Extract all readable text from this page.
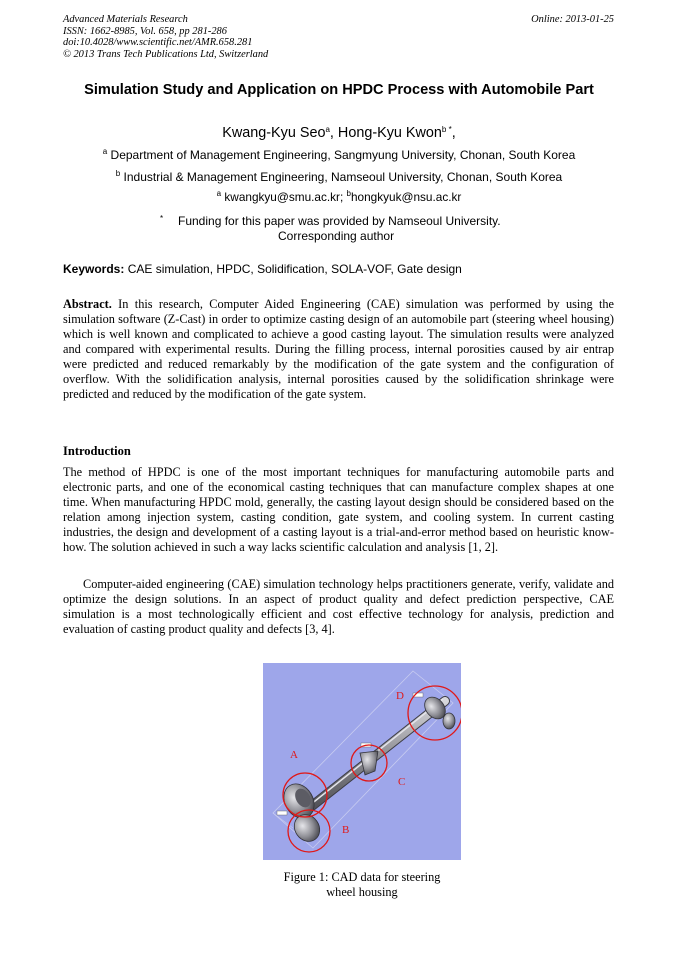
Advanced Materials Research
ISSN: 1662-8985, Vol. 658, pp 281-286
doi:10.4028/www.scientific.net/AMR.658.281
© 2013 Trans Tech Publications Ltd, Switzerland
Online: 2013-01-25
Simulation Study and Application on HPDC Process with Automobile Part
Kwang-Kyu Seo$^a$, Hong-Kyu Kwon$^{b *}$,
$^a$ Department of Management Engineering, Sangmyung University, Chonan, South Korea
$^b$ Industrial & Management Engineering, Namseoul University, Chonan, South Korea
$^a$ kwangkyu@smu.ac.kr; $^b$hongkyuk@nsu.ac.kr
*	Funding for this paper was provided by Namseoul University.
Corresponding author
Keywords: CAE simulation, HPDC, Solidification, SOLA-VOF, Gate design
Abstract. In this research, Computer Aided Engineering (CAE) simulation was performed by using the simulation software (Z-Cast) in order to optimize casting design of an automobile part (steering wheel housing) which is well known and complicated to achieve a good casting layout. The simulation results were analyzed and compared with experimental results. During the filling process, internal porosities caused by air entrap were predicted and reduced remarkably by the modification of the gate system and the configuration of overflow. With the solidification analysis, internal porosities caused by the solidification shrinkage were predicted and reduced by the modification of the gate system.
Introduction
The method of HPDC is one of the most important techniques for manufacturing automobile parts and electronic parts, and one of the economical casting techniques that can manufacture complex shapes at one time. When manufacturing HPDC mold, generally, the casting layout design should be considered based on the relation among injection system, casting condition, gate system, and cooling system. In current casting industries, the design and development of a casting layout is a trial-and-error method based on heuristic know-how. The solution achieved in such a way lacks scientific calculation and analysis [1, 2].
Computer-aided engineering (CAE) simulation technology helps practitioners generate, verify, validate and optimize the design solutions. In an aspect of product quality and defect prediction perspective, CAE simulation is a most technologically efficient and cost effective technology for analysis, prediction and evaluation of casting product quality and defects [3, 4].
A
B
C
D
Figure 1: CAD data for steering
wheel housing
